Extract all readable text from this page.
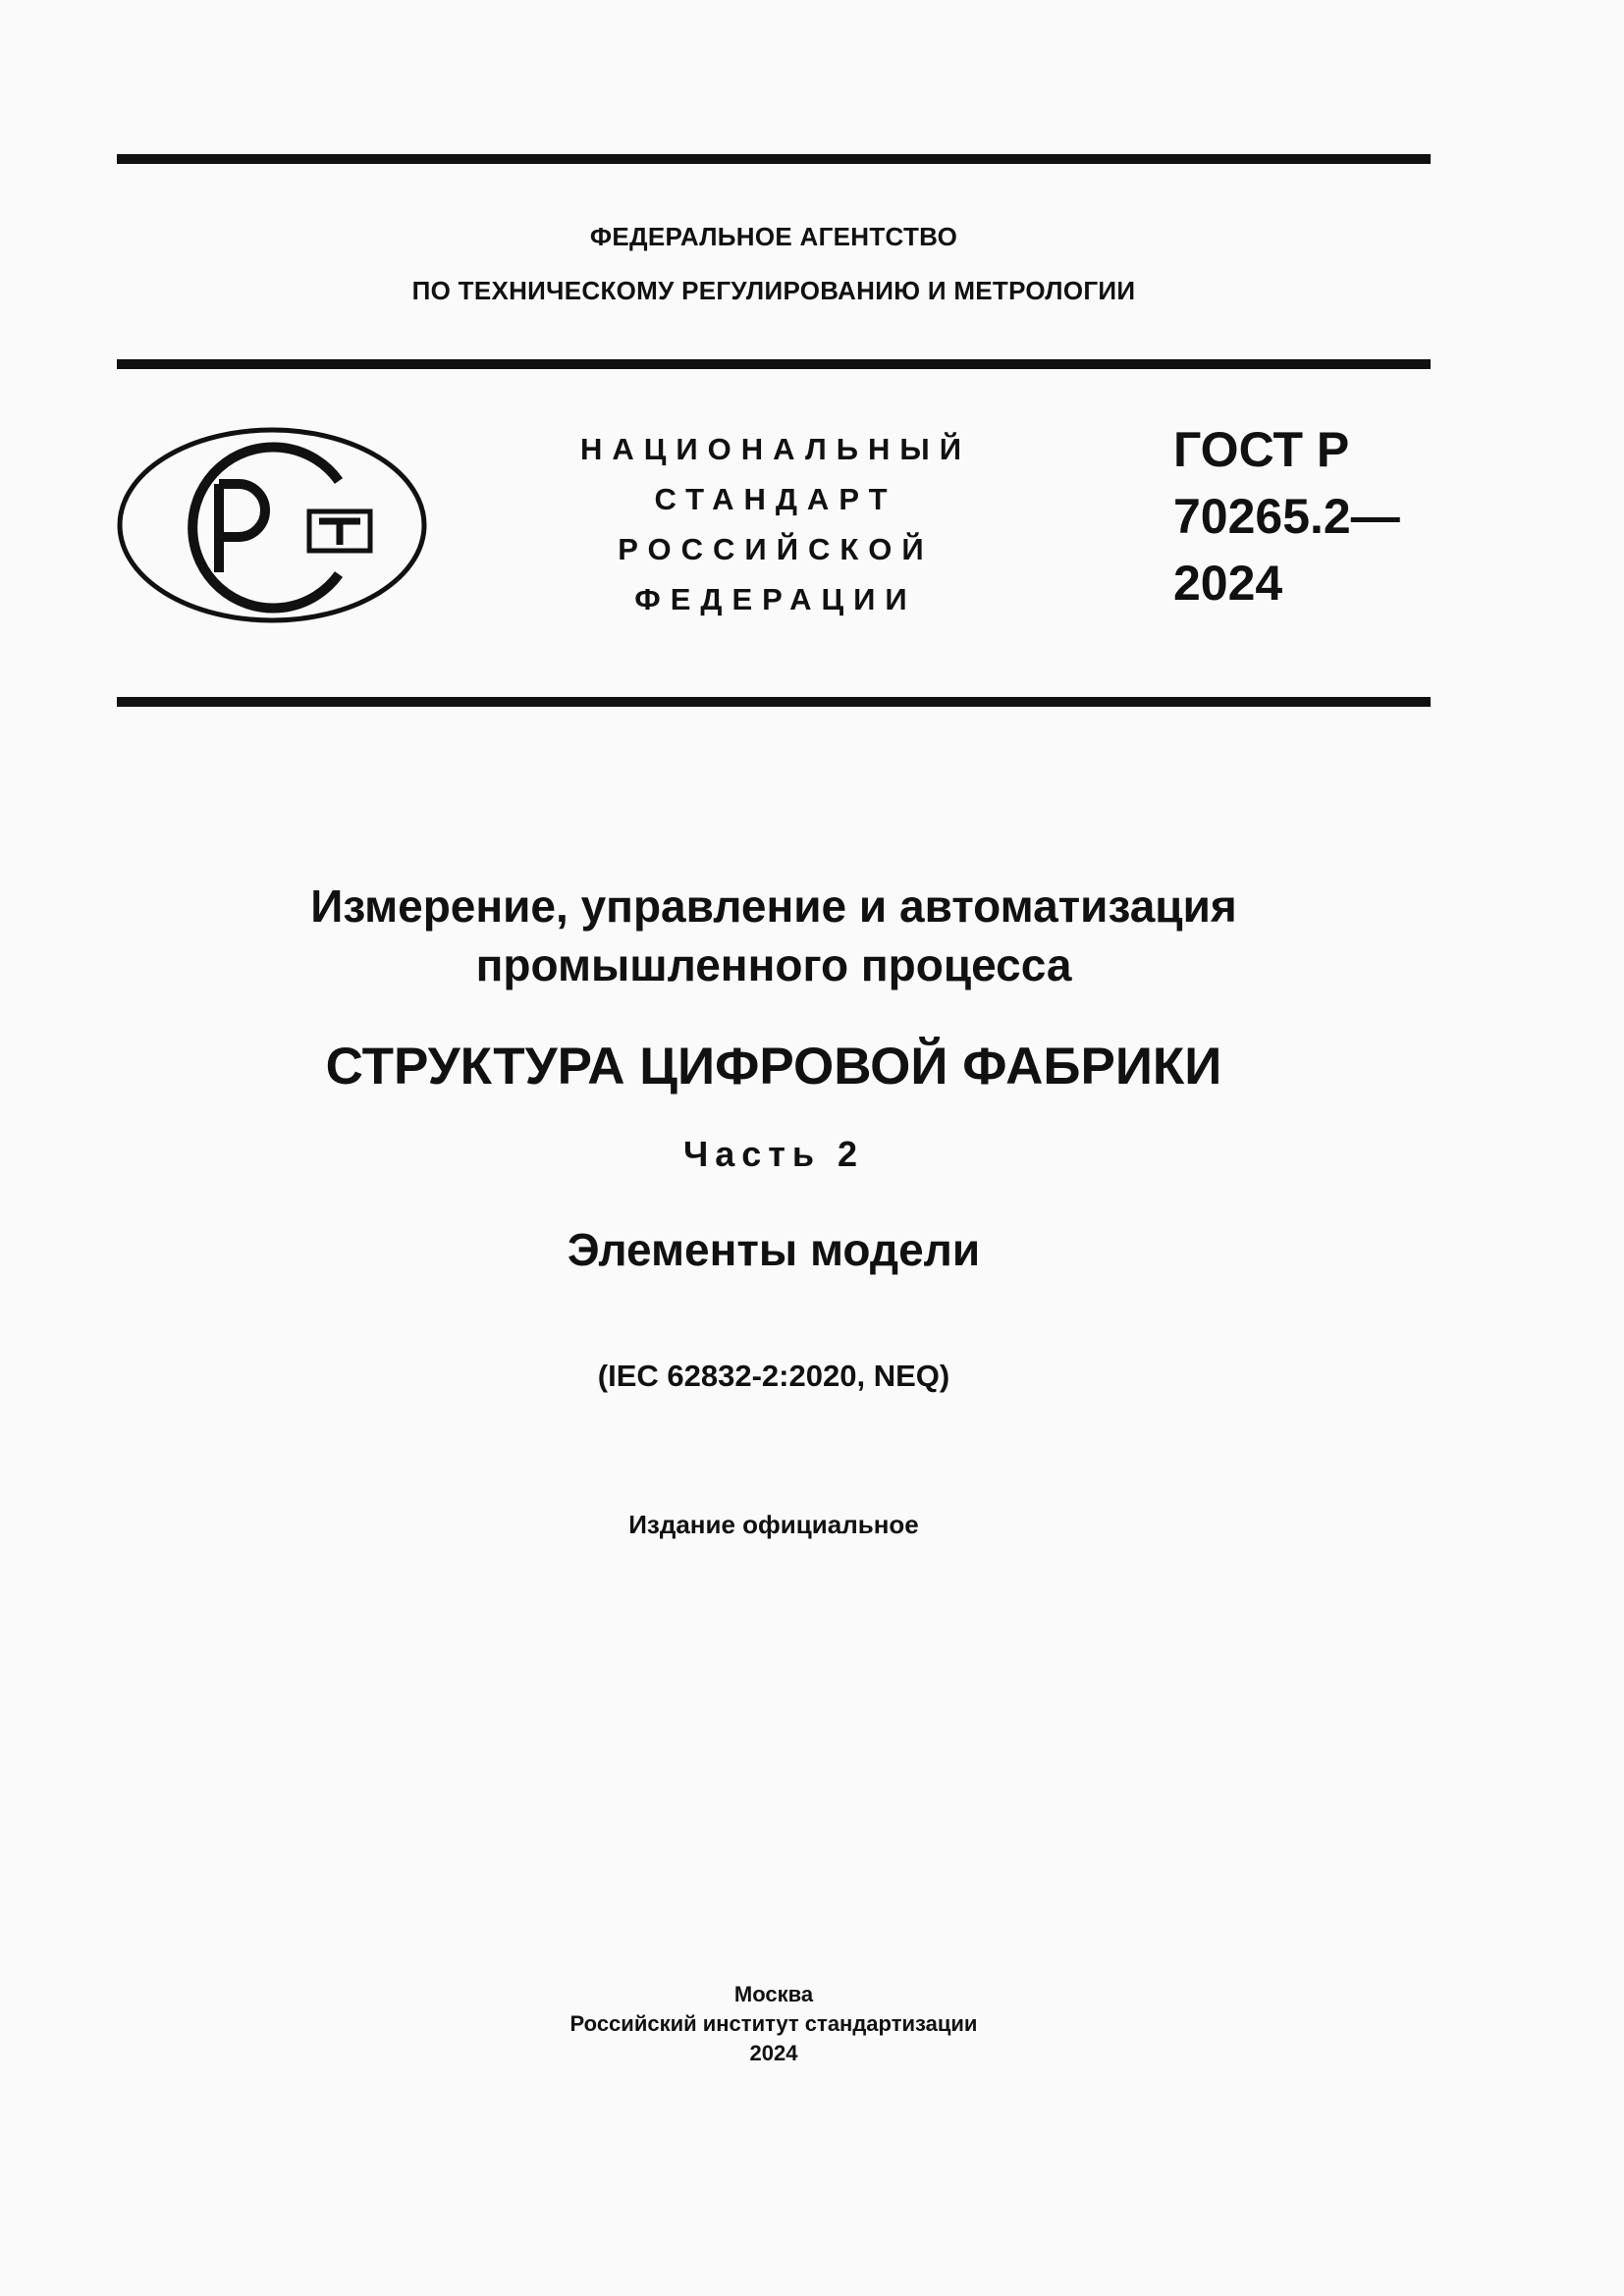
ФЕДЕРАЛЬНОЕ АГЕНТСТВО
ПО ТЕХНИЧЕСКОМУ РЕГУЛИРОВАНИЮ И МЕТРОЛОГИИ
НАЦИОНАЛЬНЫЙ
СТАНДАРТ
РОССИЙСКОЙ
ФЕДЕРАЦИИ
ГОСТ Р
70265.2—
2024
Измерение, управление и автоматизация
промышленного процесса
СТРУКТУРА ЦИФРОВОЙ ФАБРИКИ
Часть 2
Элементы модели
(IEC 62832-2:2020, NEQ)
Издание официальное
Москва
Российский институт стандартизации
2024
